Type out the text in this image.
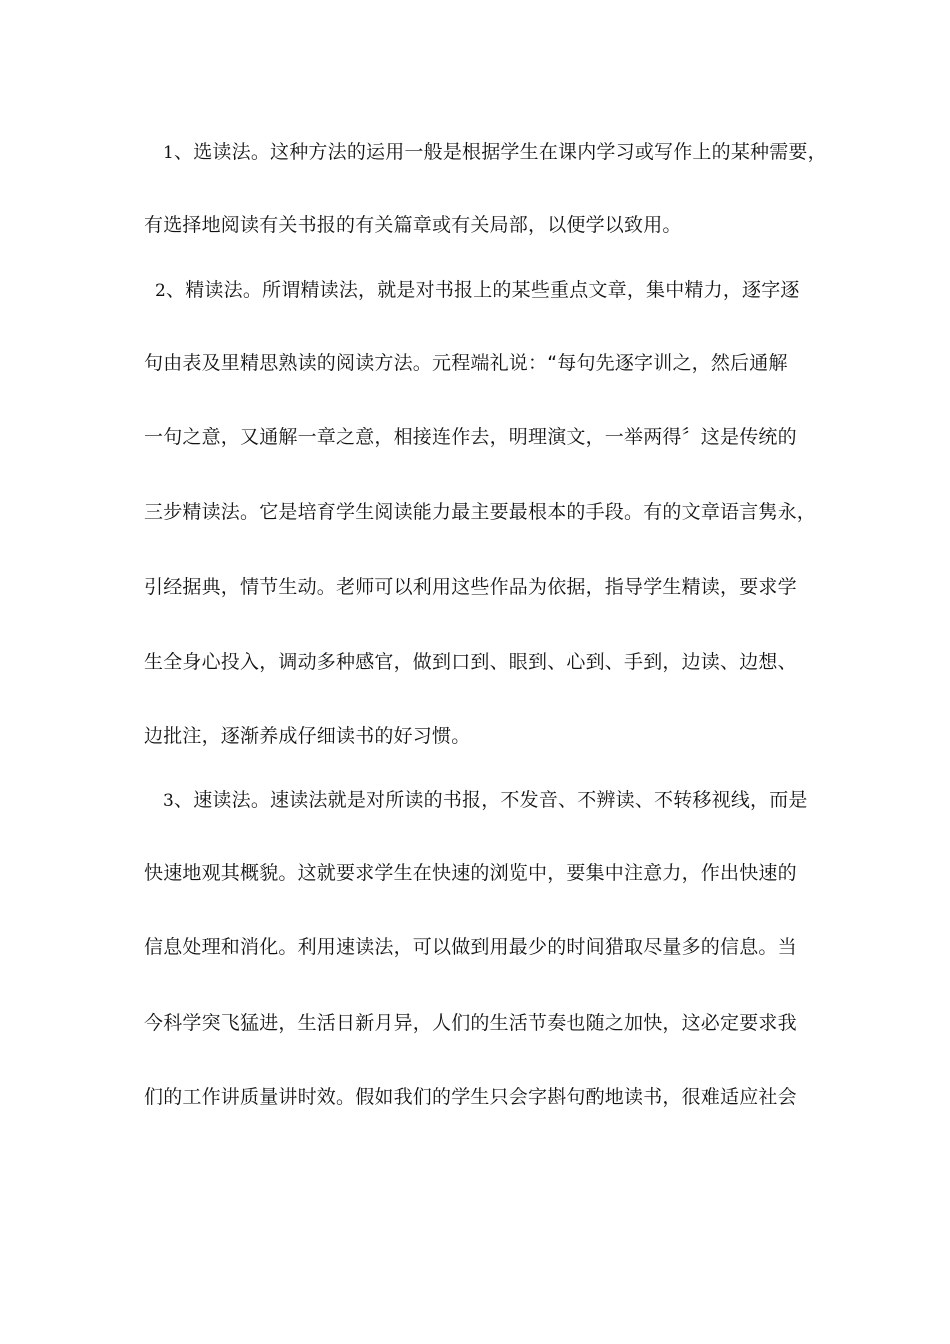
1、选读法。这种方法的运用一般是根据学生在课内学习或写作上的某种需要，
有选择地阅读有关书报的有关篇章或有关局部，以便学以致用。
2、精读法。所谓精读法，就是对书报上的某些重点文章，集中精力，逐字逐
句由表及里精思熟读的阅读方法。元程端礼说：“每句先逐字训之，然后通解
一句之意，又通解一章之意，相接连作去，明理演文，一举两得〞这是传统的
三步精读法。它是培育学生阅读能力最主要最根本的手段。有的文章语言隽永，
引经据典，情节生动。老师可以利用这些作品为依据，指导学生精读，要求学
生全身心投入，调动多种感官，做到口到、眼到、心到、手到，边读、边想、
边批注，逐渐养成仔细读书的好习惯。
3、速读法。速读法就是对所读的书报，不发音、不辨读、不转移视线，而是
快速地观其概貌。这就要求学生在快速的浏览中，要集中注意力，作出快速的
信息处理和消化。利用速读法，可以做到用最少的时间猎取尽量多的信息。当
今科学突飞猛进，生活日新月异，人们的生活节奏也随之加快，这必定要求我
们的工作讲质量讲时效。假如我们的学生只会字斟句酌地读书，很难适应社会
